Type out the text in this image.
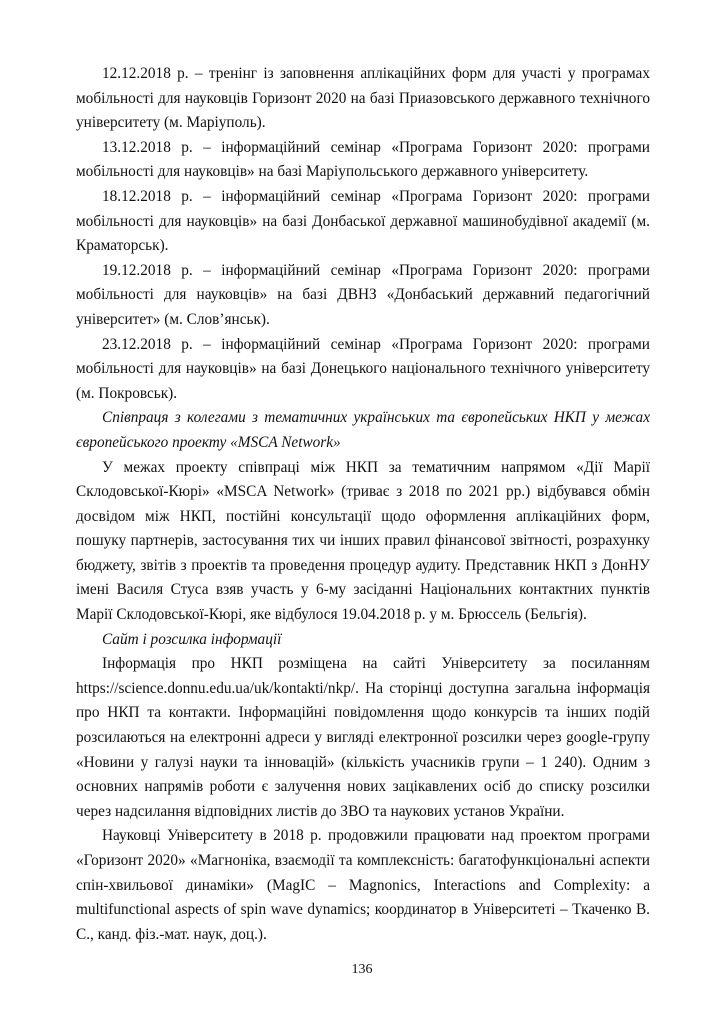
12.12.2018 р. – тренінг із заповнення аплікаційних форм для участі у програмах мобільності для науковців Горизонт 2020 на базі Приазовського державного технічного університету (м. Маріуполь).

13.12.2018 р. – інформаційний семінар «Програма Горизонт 2020: програми мобільності для науковців» на базі Маріупольського державного університету.

18.12.2018 р. – інформаційний семінар «Програма Горизонт 2020: програми мобільності для науковців» на базі Донбаської державної машинобудівної академії (м. Краматорськ).

19.12.2018 р. – інформаційний семінар «Програма Горизонт 2020: програми мобільності для науковців» на базі ДВНЗ «Донбаський державний педагогічний університет» (м. Слов’янськ).

23.12.2018 р. – інформаційний семінар «Програма Горизонт 2020: програми мобільності для науковців» на базі Донецького національного технічного університету (м. Покровськ).

Співпраця з колегами з тематичних українських та європейських НКП у межах європейського проекту «MSCA Network»

У межах проекту співпраці між НКП за тематичним напрямом «Дії Марії Склодовської-Кюрі» «MSCA Network» (триває з 2018 по 2021 рр.) відбувався обмін досвідом між НКП, постійні консультації щодо оформлення аплікаційних форм, пошуку партнерів, застосування тих чи інших правил фінансової звітності, розрахунку бюджету, звітів з проектів та проведення процедур аудиту. Представник НКП з ДонНУ імені Василя Стуса взяв участь у 6-му засіданні Національних контактних пунктів Марії Склодовської-Кюрі, яке відбулося 19.04.2018 р. у м. Брюссель (Бельгія).

Сайт і розсилка інформації

Інформація про НКП розміщена на сайті Університету за посиланням https://science.donnu.edu.ua/uk/kontakti/nkp/. На сторінці доступна загальна інформація про НКП та контакти. Інформаційні повідомлення щодо конкурсів та інших подій розсилаються на електронні адреси у вигляді електронної розсилки через google-групу «Новини у галузі науки та інновацій» (кількість учасників групи – 1 240). Одним з основних напрямів роботи є залучення нових зацікавлених осіб до списку розсилки через надсилання відповідних листів до ЗВО та наукових установ України.

Науковці Університету в 2018 р. продовжили працювати над проектом програми «Горизонт 2020» «Магноніка, взаємодії та комплексність: багатофункціональні аспекти спін-хвильової динаміки» (MagIC – Magnonics, Interactions and Complexity: a multifunctional aspects of spin wave dynamics; координатор в Університеті – Ткаченко В. С., канд. фіз.-мат. наук, доц.).

136
